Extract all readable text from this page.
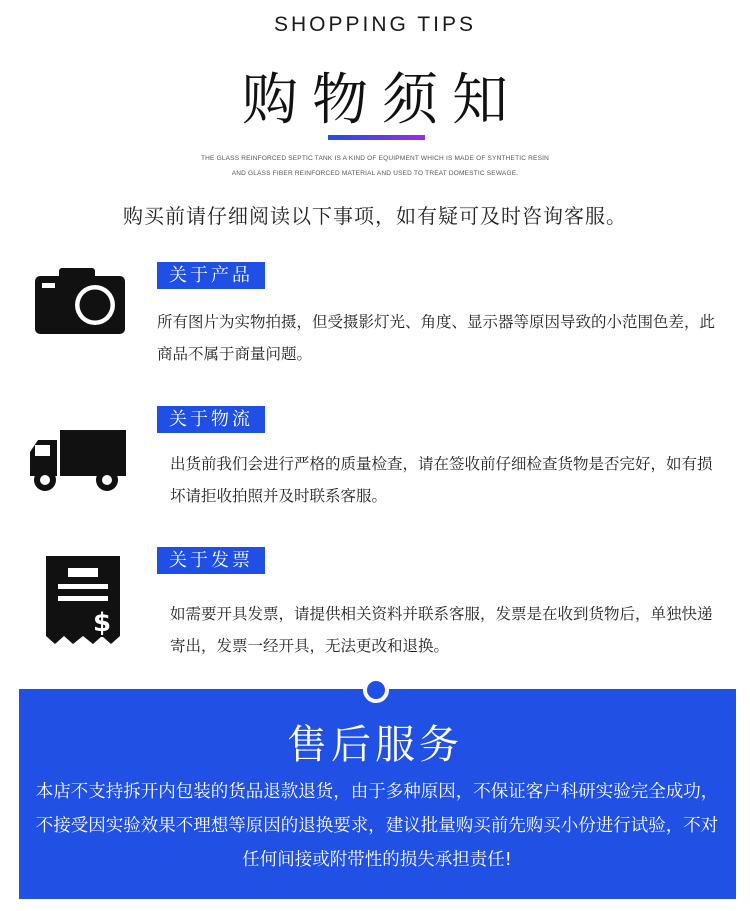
SHOPPING TIPS
购物须知
THE GLASS REINFORCED SEPTIC TANK IS A KIND OF EQUIPMENT WHICH IS MADE OF SYNTHETIC RESIN
AND GLASS FIBER REINFORCED MATERIAL AND USED TO TREAT DOMESTIC SEWAGE.
购买前请仔细阅读以下事项，如有疑可及时咨询客服。
关于产品
所有图片为实物拍摄，但受摄影灯光、角度、显示器等原因导致的小范围色差，此商品不属于商量问题。
关于物流
出货前我们会进行严格的质量检查，请在签收前仔细检查货物是否完好，如有损坏请拒收拍照并及时联系客服。
$
关于发票
如需要开具发票，请提供相关资料并联系客服，发票是在收到货物后，单独快递寄出，发票一经开具，无法更改和退换。
售后服务
本店不支持拆开内包装的货品退款退货，由于多种原因，不保证客户科研实验完全成功，不接受因实验效果不理想等原因的退换要求，建议批量购买前先购买小份进行试验，不对任何间接或附带性的损失承担责任!
